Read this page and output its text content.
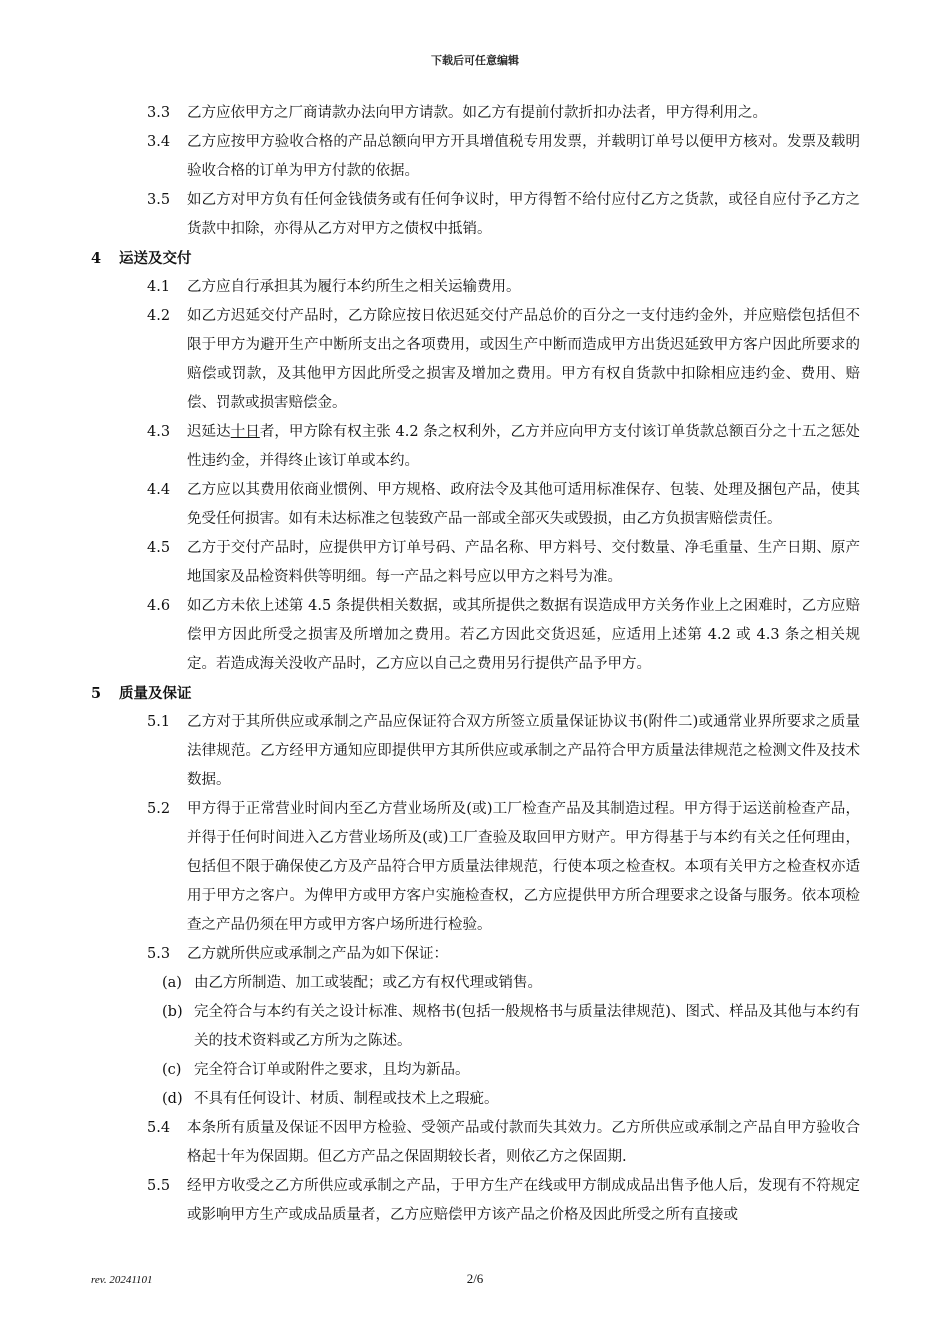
下载后可任意编辑
3.3 乙方应依甲方之厂商请款办法向甲方请款。如乙方有提前付款折扣办法者，甲方得利用之。
3.4 乙方应按甲方验收合格的产品总额向甲方开具增值税专用发票，并载明订单号以便甲方核对。发票及载明验收合格的订单为甲方付款的依据。
3.5 如乙方对甲方负有任何金钱债务或有任何争议时，甲方得暂不给付应付乙方之货款，或径自应付予乙方之货款中扣除，亦得从乙方对甲方之债权中抵销。
4 运送及交付
4.1 乙方应自行承担其为履行本约所生之相关运输费用。
4.2 如乙方迟延交付产品时，乙方除应按日依迟延交付产品总价的百分之一支付违约金外，并应赔偿包括但不限于甲方为避开生产中断所支出之各项费用，或因生产中断而造成甲方出货迟延致甲方客户因此所要求的赔偿或罚款，及其他甲方因此所受之损害及增加之费用。甲方有权自货款中扣除相应违约金、费用、赔偿、罚款或损害赔偿金。
4.3 迟延达十日者，甲方除有权主张 4.2 条之权利外，乙方并应向甲方支付该订单货款总额百分之十五之惩处性违约金，并得终止该订单或本约。
4.4 乙方应以其费用依商业惯例、甲方规格、政府法令及其他可适用标准保存、包装、处理及捆包产品，使其免受任何损害。如有未达标准之包装致产品一部或全部灭失或毁损，由乙方负损害赔偿责任。
4.5 乙方于交付产品时，应提供甲方订单号码、产品名称、甲方料号、交付数量、净毛重量、生产日期、原产地国家及品检资料供等明细。每一产品之料号应以甲方之料号为准。
4.6 如乙方未依上述第 4.5 条提供相关数据，或其所提供之数据有误造成甲方关务作业上之困难时，乙方应赔偿甲方因此所受之损害及所增加之费用。若乙方因此交货迟延，应适用上述第 4.2 或 4.3 条之相关规定。若造成海关没收产品时，乙方应以自己之费用另行提供产品予甲方。
5 质量及保证
5.1 乙方对于其所供应或承制之产品应保证符合双方所签立质量保证协议书(附件二)或通常业界所要求之质量法律规范。乙方经甲方通知应即提供甲方其所供应或承制之产品符合甲方质量法律规范之检测文件及技术数据。
5.2 甲方得于正常营业时间内至乙方营业场所及(或)工厂检查产品及其制造过程。甲方得于运送前检查产品，并得于任何时间进入乙方营业场所及(或)工厂查验及取回甲方财产。甲方得基于与本约有关之任何理由，包括但不限于确保使乙方及产品符合甲方质量法律规范，行使本项之检查权。本项有关甲方之检查权亦适用于甲方之客户。为俾甲方或甲方客户实施检查权，乙方应提供甲方所合理要求之设备与服务。依本项检查之产品仍须在甲方或甲方客户场所进行检验。
5.3 乙方就所供应或承制之产品为如下保证：
(a) 由乙方所制造、加工或装配；或乙方有权代理或销售。
(b) 完全符合与本约有关之设计标准、规格书(包括一般规格书与质量法律规范)、图式、样品及其他与本约有关的技术资料或乙方所为之陈述。
(c) 完全符合订单或附件之要求，且均为新品。
(d) 不具有任何设计、材质、制程或技术上之瑕疵。
5.4 本条所有质量及保证不因甲方检验、受领产品或付款而失其效力。乙方所供应或承制之产品自甲方验收合格起十年为保固期。但乙方产品之保固期较长者，则依乙方之保固期.
5.5 经甲方收受之乙方所供应或承制之产品，于甲方生产在线或甲方制成成品出售予他人后，发现有不符规定或影响甲方生产或成品质量者，乙方应赔偿甲方该产品之价格及因此所受之所有直接或
rev. 20241101	2/6
